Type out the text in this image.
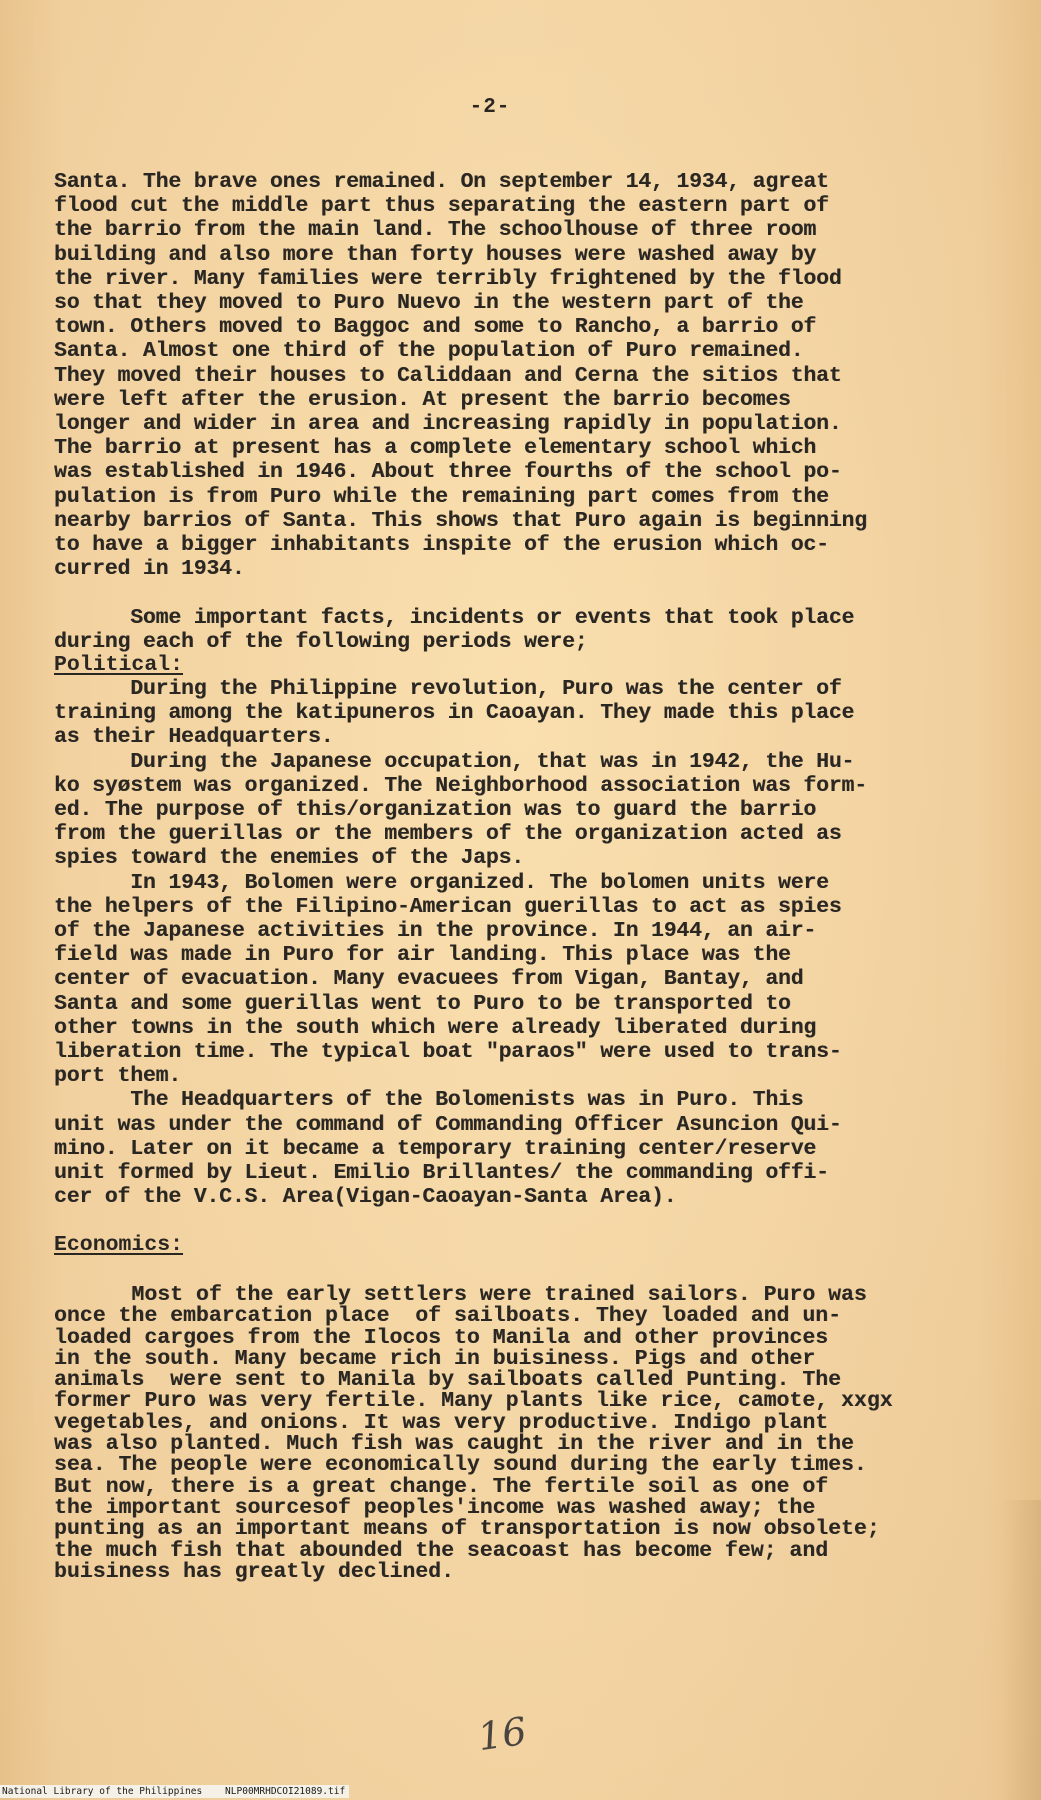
-2-

Santa. The brave ones remained. On september 14, 1934, agreat
flood cut the middle part thus separating the eastern part of
the barrio from the main land. The schoolhouse of three room
building and also more than forty houses were washed away by
the river. Many families were terribly frightened by the flood
so that they moved to Puro Nuevo in the western part of the
town. Others moved to Baggoc and some to Rancho, a barrio of
Santa. Almost one third of the population of Puro remained.
They moved their houses to Caliddaan and Cerna the sitios that
were left after the erusion. At present the barrio becomes
longer and wider in area and increasing rapidly in population.
The barrio at present has a complete elementary school which
was established in 1946. About three fourths of the school po-
pulation is from Puro while the remaining part comes from the
nearby barrios of Santa. This shows that Puro again is beginning
to have a bigger inhabitants inspite of the erusion which oc-
curred in 1934.

Some important facts, incidents or events that took place
during each of the following periods were;

Political:

During the Philippine revolution, Puro was the center of
training among the katipuneros in Caoayan. They made this place
as their Headquarters.
During the Japanese occupation, that was in 1942, the Hu-
ko syøstem was organized. The Neighborhood association was form-
ed. The purpose of this/organization was to guard the barrio
from the guerillas or the members of the organization acted as
spies toward the enemies of the Japs.
In 1943, Bolomen were organized. The bolomen units were
the helpers of the Filipino-American guerillas to act as spies
of the Japanese activities in the province. In 1944, an air-
field was made in Puro for air landing. This place was the
center of evacuation. Many evacuees from Vigan, Bantay, and
Santa and some guerillas went to Puro to be transported to
other towns in the south which were already liberated during
liberation time. The typical boat "paraos" were used to trans-
port them.
The Headquarters of the Bolomenists was in Puro. This
unit was under the command of Commanding Officer Asuncion Qui-
mino. Later on it became a temporary training center/reserve
unit formed by Lieut. Emilio Brillantes/ the commanding offi-
cer of the V.C.S. Area(Vigan-Caoayan-Santa Area).

Economics:

Most of the early settlers were trained sailors. Puro was
once the embarcation place  of sailboats. They loaded and un-
loaded cargoes from the Ilocos to Manila and other provinces
in the south. Many became rich in buisiness. Pigs and other
animals  were sent to Manila by sailboats called Punting. The
former Puro was very fertile. Many plants like rice, camote, xxgx
vegetables, and onions. It was very productive. Indigo plant
was also planted. Much fish was caught in the river and in the
sea. The people were economically sound during the early times.
But now, there is a great change. The fertile soil as one of
the important sourcesof peoples'income was washed away; the
punting as an important means of transportation is now obsolete;
the much fish that abounded the seacoast has become few; and
buisiness has greatly declined.

16
National Library of the Philippines    NLP00MRHDCOI21089.tif
